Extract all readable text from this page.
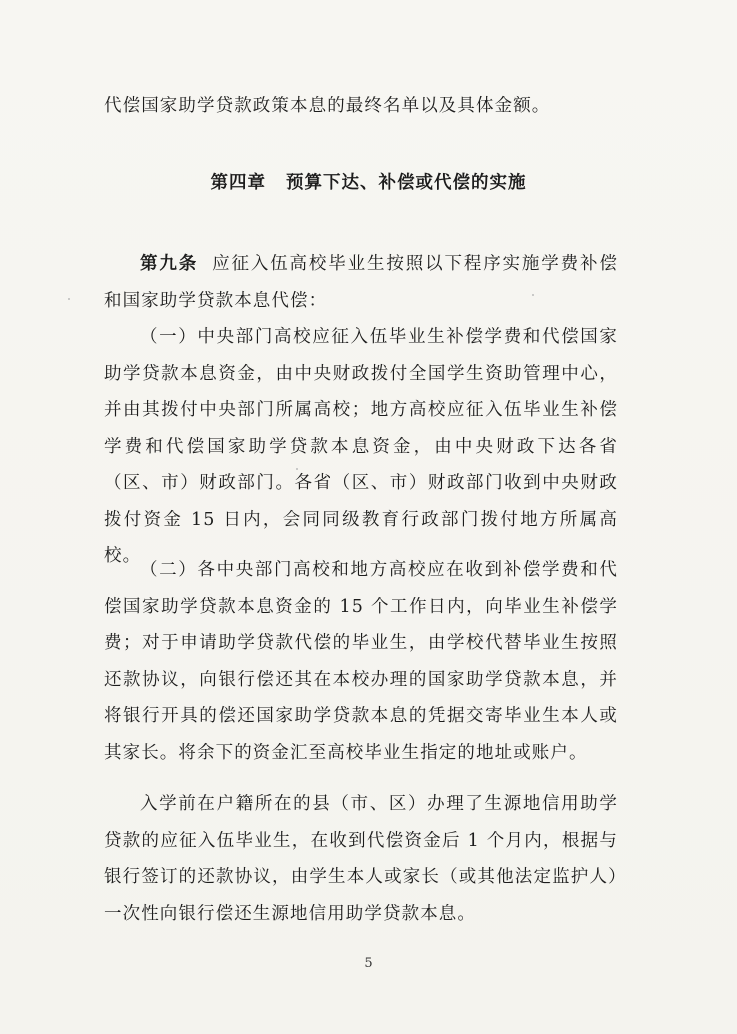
代偿国家助学贷款政策本息的最终名单以及具体金额。

第四章 预算下达、补偿或代偿的实施

第九条 应征入伍高校毕业生按照以下程序实施学费补偿和国家助学贷款本息代偿：

（一）中央部门高校应征入伍毕业生补偿学费和代偿国家助学贷款本息资金，由中央财政拨付全国学生资助管理中心，并由其拨付中央部门所属高校；地方高校应征入伍毕业生补偿学费和代偿国家助学贷款本息资金，由中央财政下达各省（区、市）财政部门。各省（区、市）财政部门收到中央财政拨付资金 15 日内，会同同级教育行政部门拨付地方所属高校。

（二）各中央部门高校和地方高校应在收到补偿学费和代偿国家助学贷款本息资金的 15 个工作日内，向毕业生补偿学费；对于申请助学贷款代偿的毕业生，由学校代替毕业生按照还款协议，向银行偿还其在本校办理的国家助学贷款本息，并将银行开具的偿还国家助学贷款本息的凭据交寄毕业生本人或其家长。将余下的资金汇至高校毕业生指定的地址或账户。

入学前在户籍所在的县（市、区）办理了生源地信用助学贷款的应征入伍毕业生，在收到代偿资金后 1 个月内，根据与银行签订的还款协议，由学生本人或家长（或其他法定监护人）一次性向银行偿还生源地信用助学贷款本息。

5
